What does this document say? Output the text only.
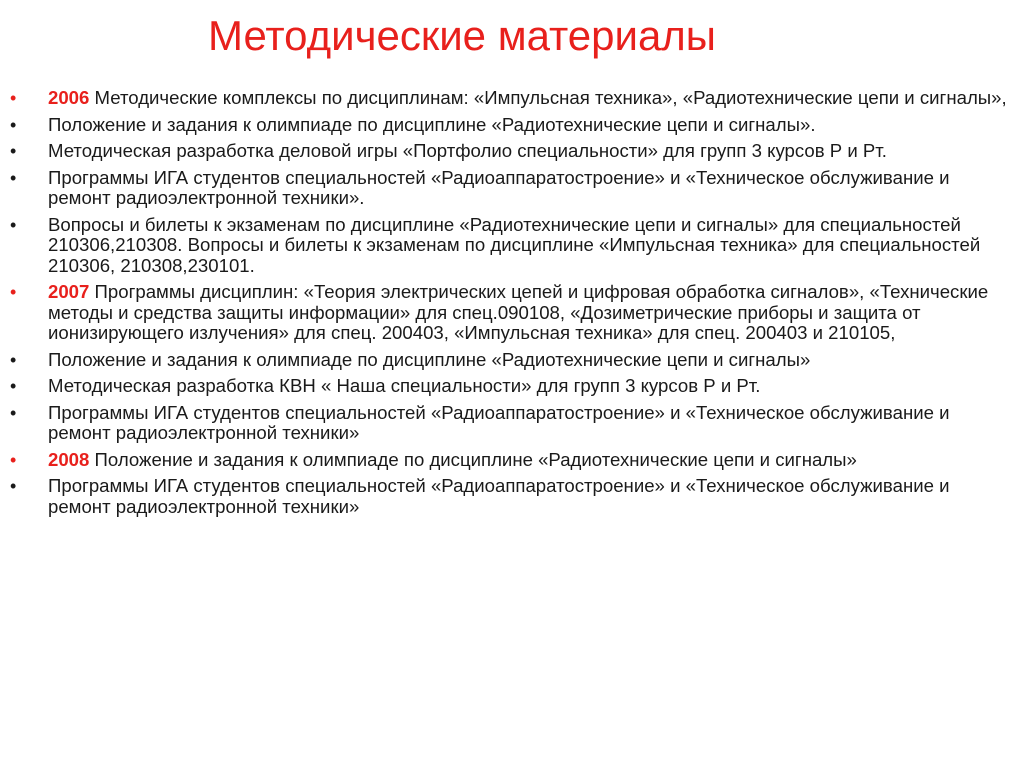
Методические материалы
•	2006 Методические комплексы по дисциплинам: «Импульсная техника», «Радиотехнические цепи и сигналы»,
•	Положение и задания к олимпиаде по дисциплине «Радиотехнические цепи и сигналы».
•	Методическая разработка деловой игры «Портфолио специальности» для групп 3 курсов Р и Рт.
•	Программы ИГА студентов специальностей «Радиоаппаратостроение» и «Техническое обслуживание и ремонт радиоэлектронной техники».
•	Вопросы и билеты к экзаменам по дисциплине «Радиотехнические цепи и сигналы» для специальностей 210306,210308. Вопросы и билеты к экзаменам по дисциплине «Импульсная техника» для специальностей 210306, 210308,230101.
•	2007 Программы дисциплин: «Теория электрических цепей и цифровая обработка сигналов», «Технические методы и средства защиты информации» для спец.090108, «Дозиметрические приборы и защита от ионизирующего излучения» для спец. 200403, «Импульсная техника» для спец. 200403 и 210105,
•	Положение и задания к олимпиаде по дисциплине «Радиотехнические цепи и сигналы»
•	Методическая разработка КВН « Наша специальности» для групп 3 курсов Р и Рт.
•	Программы ИГА студентов специальностей «Радиоаппаратостроение» и «Техническое обслуживание и ремонт радиоэлектронной техники»
•	2008 Положение и задания к олимпиаде по дисциплине «Радиотехнические цепи и сигналы»
•	Программы ИГА студентов специальностей «Радиоаппаратостроение» и «Техническое обслуживание и ремонт радиоэлектронной техники»
